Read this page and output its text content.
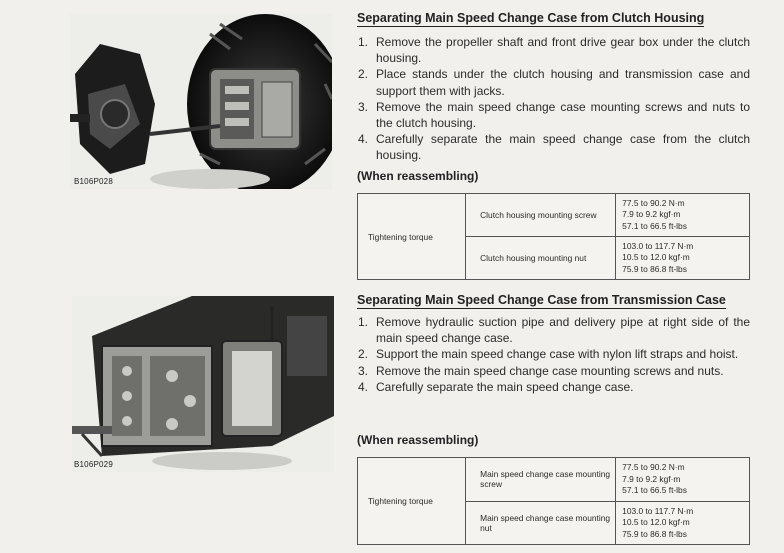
B106P028
B106P029
Separating Main Speed Change Case from Clutch Housing
1. Remove the propeller shaft and front drive gear box under the clutch housing.
2. Place stands under the clutch housing and transmission case and support them with jacks.
3. Remove the main speed change case mounting screws and nuts to the clutch housing.
4. Carefully separate the main speed change case from the clutch housing.
(When reassembling)
Tightening torque	Clutch housing mounting screw	77.5 to 90.2 N·m
7.9 to 9.2 kgf·m
57.1 to 66.5 ft-lbs

	Clutch housing mounting nut	103.0 to 117.7 N·m
10.5 to 12.0 kgf·m
75.9 to 86.8 ft-lbs
Separating Main Speed Change Case from Transmission Case
1. Remove hydraulic suction pipe and delivery pipe at right side of the main speed change case.
2. Support the main speed change case with nylon lift straps and hoist.
3. Remove the main speed change case mounting screws and nuts.
4. Carefully separate the main speed change case.
(When reassembling)
Tightening torque	Main speed change case mounting screw	77.5 to 90.2 N·m
7.9 to 9.2 kgf·m
57.1 to 66.5 ft-lbs

	Main speed change case mounting nut	103.0 to 117.7 N·m
10.5 to 12.0 kgf·m
75.9 to 86.8 ft-lbs
